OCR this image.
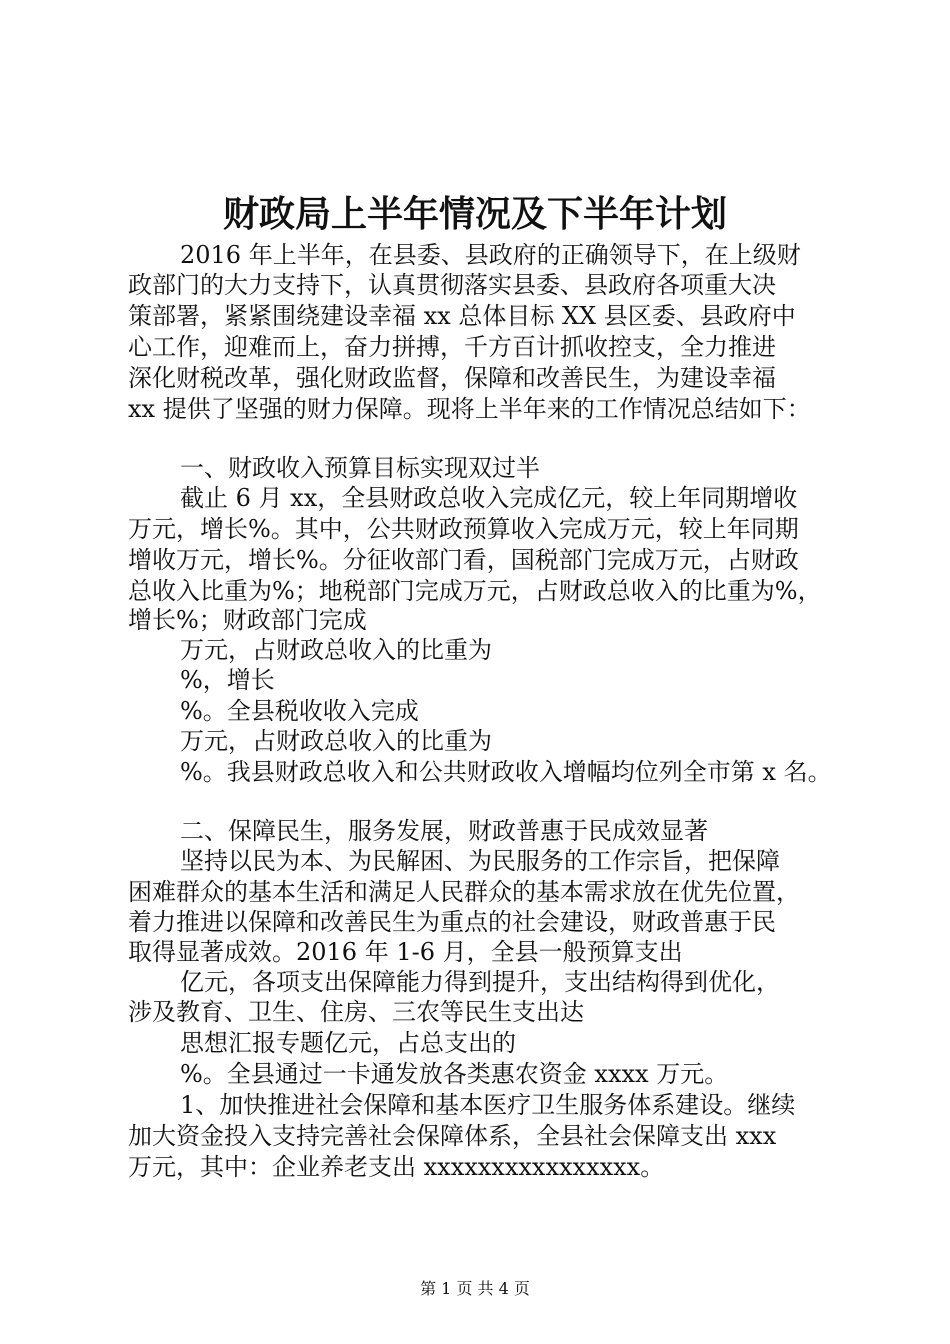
财政局上半年情况及下半年计划
2016 年上半年，在县委、县政府的正确领导下，在上级财
政部门的大力支持下，认真贯彻落实县委、县政府各项重大决
策部署，紧紧围绕建设幸福 xx 总体目标 XX 县区委、县政府中
心工作，迎难而上，奋力拼搏，千方百计抓收控支，全力推进
深化财税改革，强化财政监督，保障和改善民生，为建设幸福
xx 提供了坚强的财力保障。现将上半年来的工作情况总结如下：
一、财政收入预算目标实现双过半
截止 6 月 xx，全县财政总收入完成亿元，较上年同期增收
万元，增长%。其中，公共财政预算收入完成万元，较上年同期
增收万元，增长%。分征收部门看，国税部门完成万元，占财政
总收入比重为%；地税部门完成万元，占财政总收入的比重为%，
增长%；财政部门完成
万元，占财政总收入的比重为
%，增长
%。全县税收收入完成
万元，占财政总收入的比重为
%。我县财政总收入和公共财政收入增幅均位列全市第 x 名。
二、保障民生，服务发展，财政普惠于民成效显著
坚持以民为本、为民解困、为民服务的工作宗旨，把保障
困难群众的基本生活和满足人民群众的基本需求放在优先位置，
着力推进以保障和改善民生为重点的社会建设，财政普惠于民
取得显著成效。2016 年 1-6 月，全县一般预算支出
亿元，各项支出保障能力得到提升，支出结构得到优化，
涉及教育、卫生、住房、三农等民生支出达
思想汇报专题亿元，占总支出的
%。全县通过一卡通发放各类惠农资金 xxxx 万元。
1、加快推进社会保障和基本医疗卫生服务体系建设。继续
加大资金投入支持完善社会保障体系，全县社会保障支出 xxx
万元，其中：企业养老支出 xxxxxxxxxxxxxxxx。
第 1 页 共 4 页
